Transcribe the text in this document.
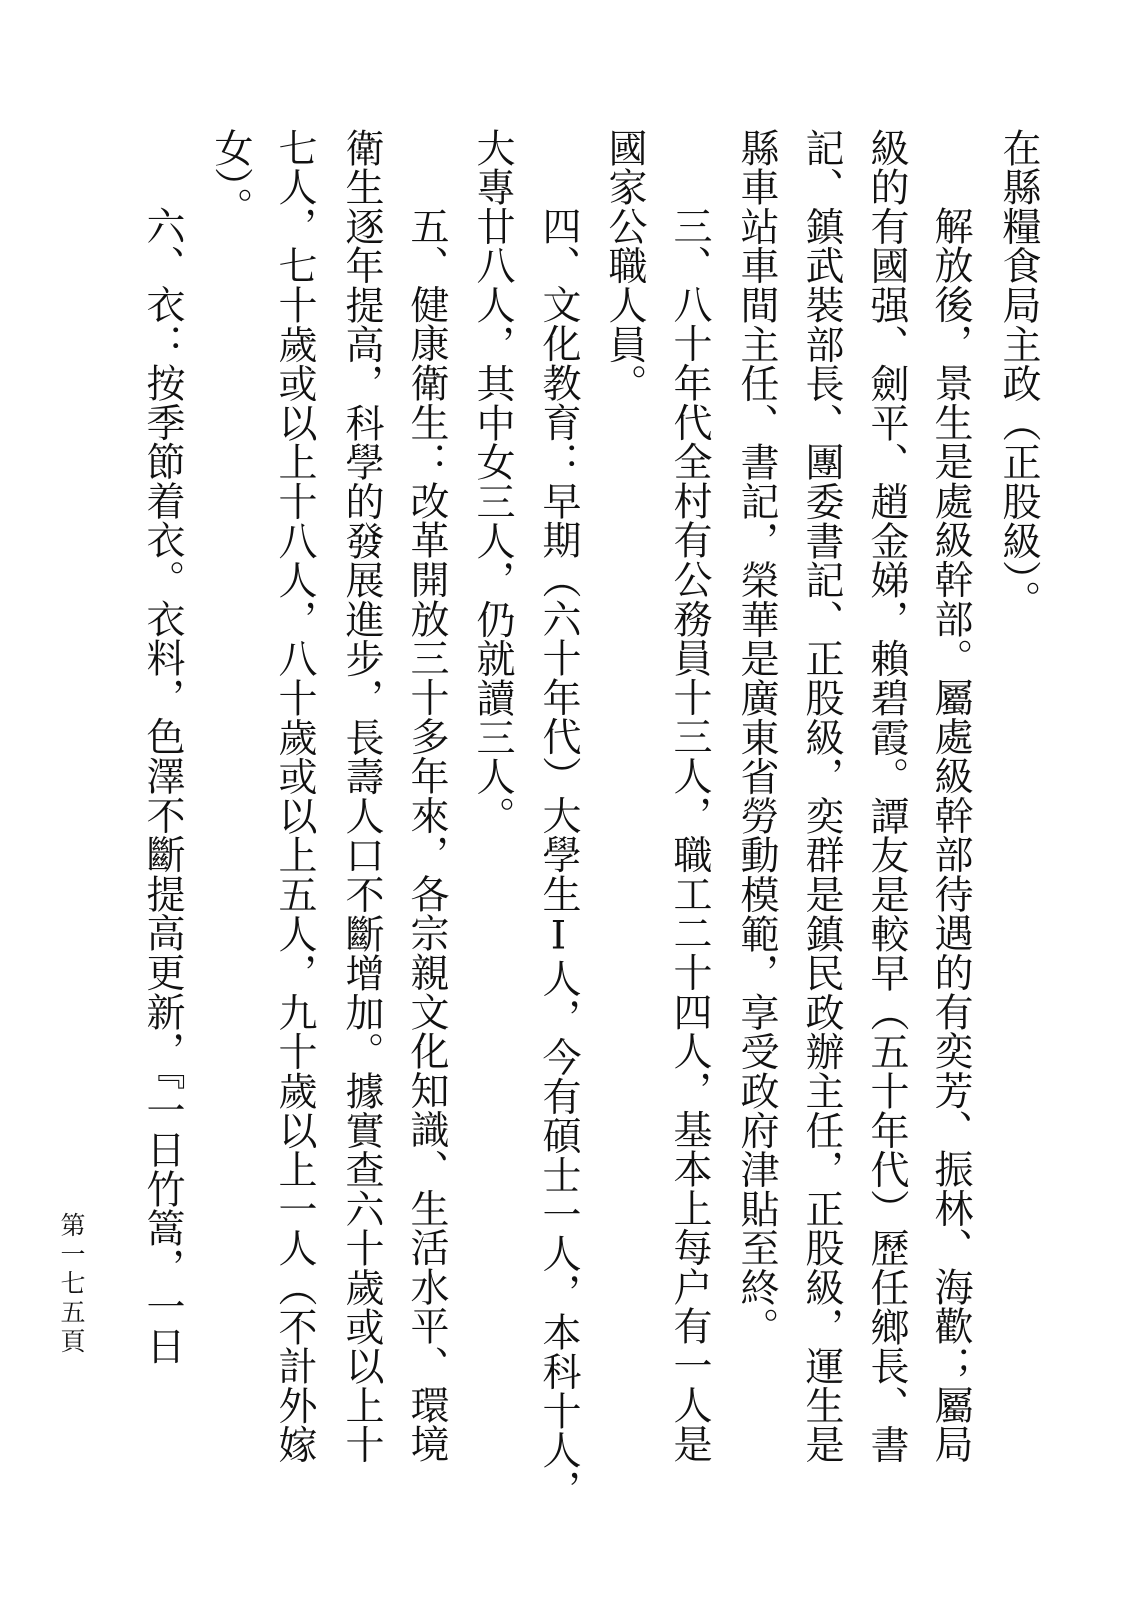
在縣糧食局主政（正股級）。
解放後，景生是處級幹部。屬處級幹部待遇的有奕芳、振林、海歡；屬局
級的有國强、劍平、趙金娣，賴碧霞。譚友是較早（五十年代）歷任鄉長、書
記、鎮武裝部長、團委書記、正股級，奕群是鎮民政辦主任，正股級，運生是
縣車站車間主任、書記，榮華是廣東省勞動模範，享受政府津貼至終。
三、八十年代全村有公務員十三人，職工二十四人，基本上每户有一人是
國家公職人員。
四、文化教育：早期（六十年代）大學生Ⅰ人，今有碩士一人，本科十人，
大專廿八人，其中女三人，仍就讀三人。
五、健康衛生：改革開放三十多年來，各宗親文化知識、生活水平、環境
衛生逐年提高，科學的發展進步，長壽人口不斷增加。據實查六十歲或以上十
七人，七十歲或以上十八人，八十歲或以上五人，九十歲以上一人（不計外嫁
女）。
六、衣：按季節着衣。衣料，色澤不斷提高更新，『一日竹篙，一日
第一七五頁
